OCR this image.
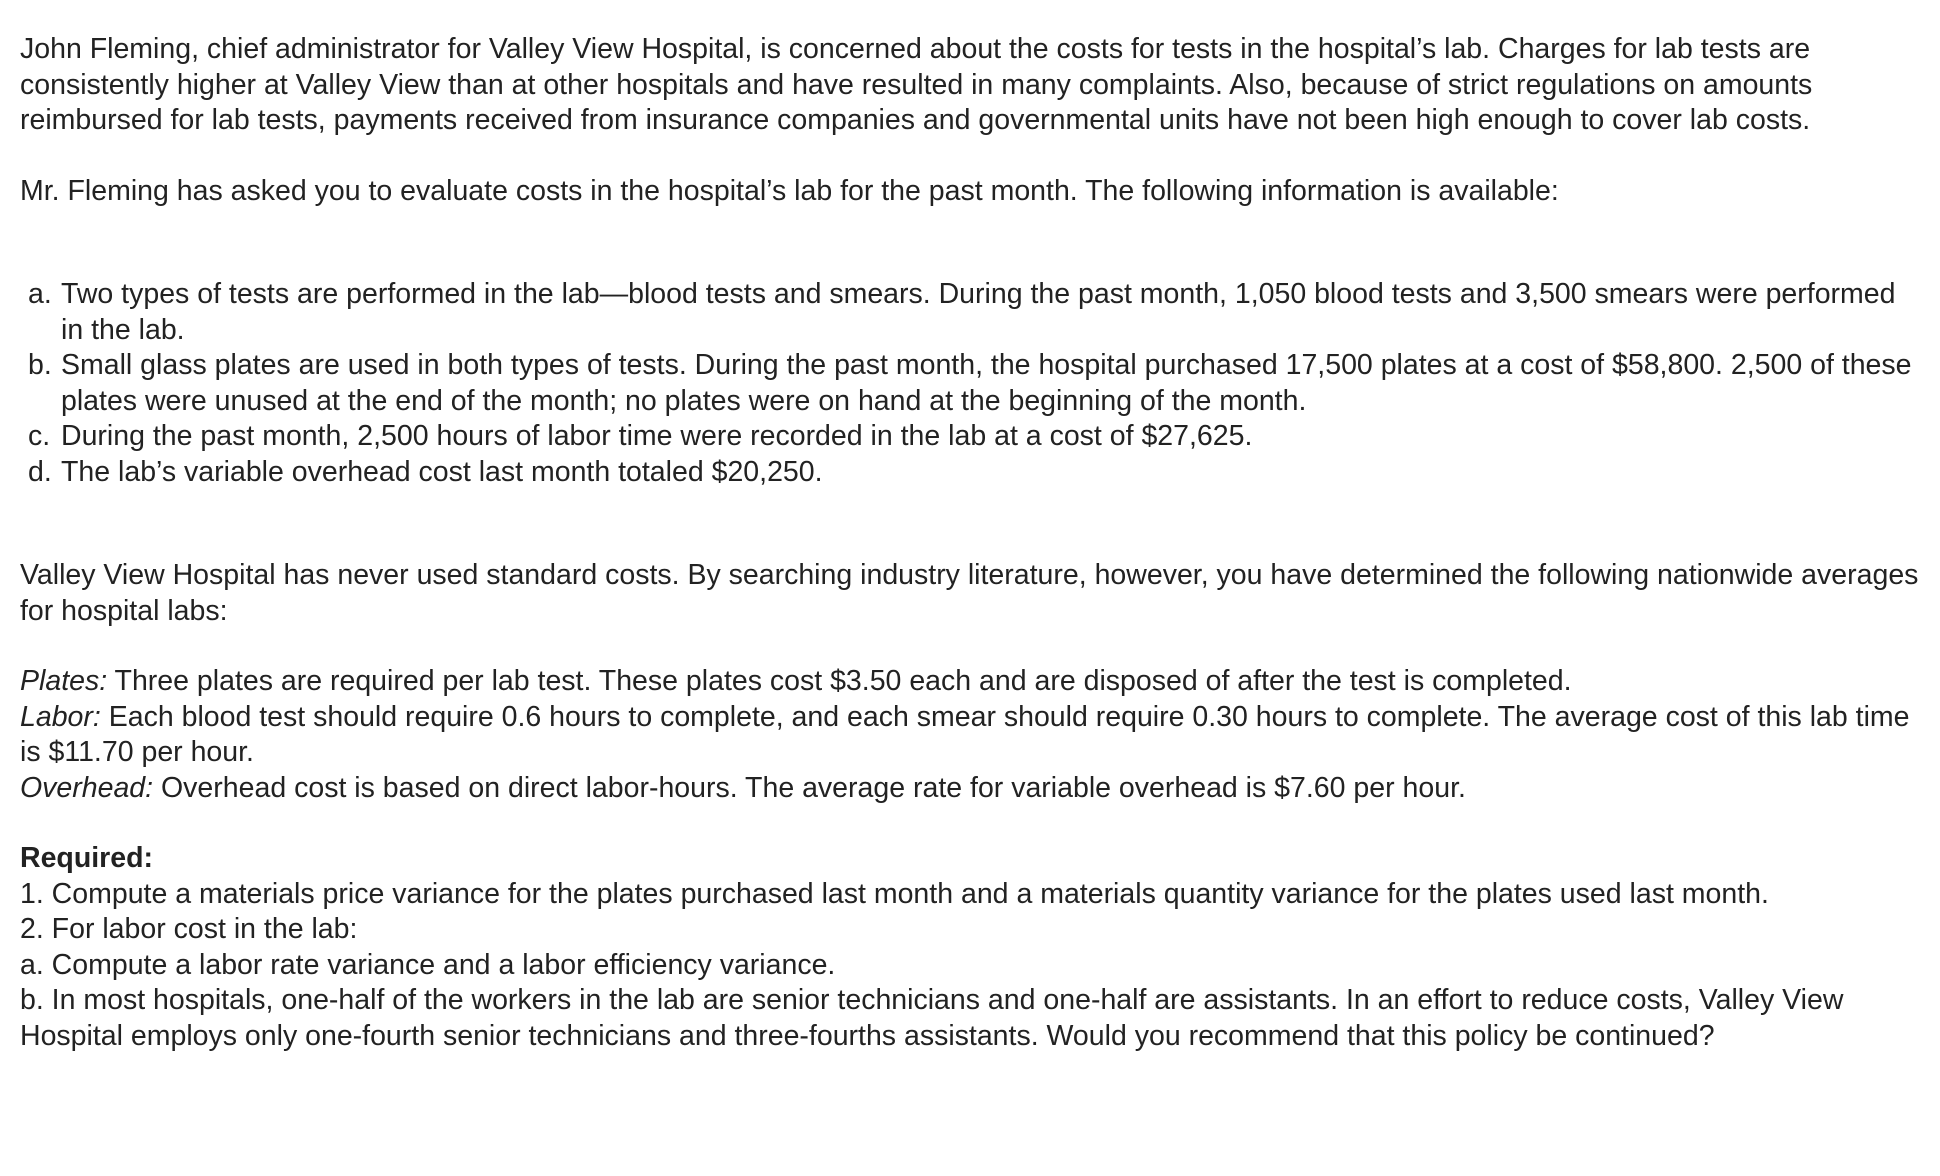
John Fleming, chief administrator for Valley View Hospital, is concerned about the costs for tests in the hospital’s lab. Charges for lab tests are consistently higher at Valley View than at other hospitals and have resulted in many complaints. Also, because of strict regulations on amounts reimbursed for lab tests, payments received from insurance companies and governmental units have not been high enough to cover lab costs.

Mr. Fleming has asked you to evaluate costs in the hospital’s lab for the past month. The following information is available:

a. Two types of tests are performed in the lab—blood tests and smears. During the past month, 1,050 blood tests and 3,500 smears were performed in the lab.
b. Small glass plates are used in both types of tests. During the past month, the hospital purchased 17,500 plates at a cost of $58,800. 2,500 of these plates were unused at the end of the month; no plates were on hand at the beginning of the month.
c. During the past month, 2,500 hours of labor time were recorded in the lab at a cost of $27,625.
d. The lab’s variable overhead cost last month totaled $20,250.

Valley View Hospital has never used standard costs. By searching industry literature, however, you have determined the following nationwide averages for hospital labs:

Plates: Three plates are required per lab test. These plates cost $3.50 each and are disposed of after the test is completed.

Labor: Each blood test should require 0.6 hours to complete, and each smear should require 0.30 hours to complete. The average cost of this lab time is $11.70 per hour.

Overhead: Overhead cost is based on direct labor-hours. The average rate for variable overhead is $7.60 per hour.

Required:

1. Compute a materials price variance for the plates purchased last month and a materials quantity variance for the plates used last month.

2. For labor cost in the lab:

a. Compute a labor rate variance and a labor efficiency variance.

b. In most hospitals, one-half of the workers in the lab are senior technicians and one-half are assistants. In an effort to reduce costs, Valley View Hospital employs only one-fourth senior technicians and three-fourths assistants. Would you recommend that this policy be continued?
